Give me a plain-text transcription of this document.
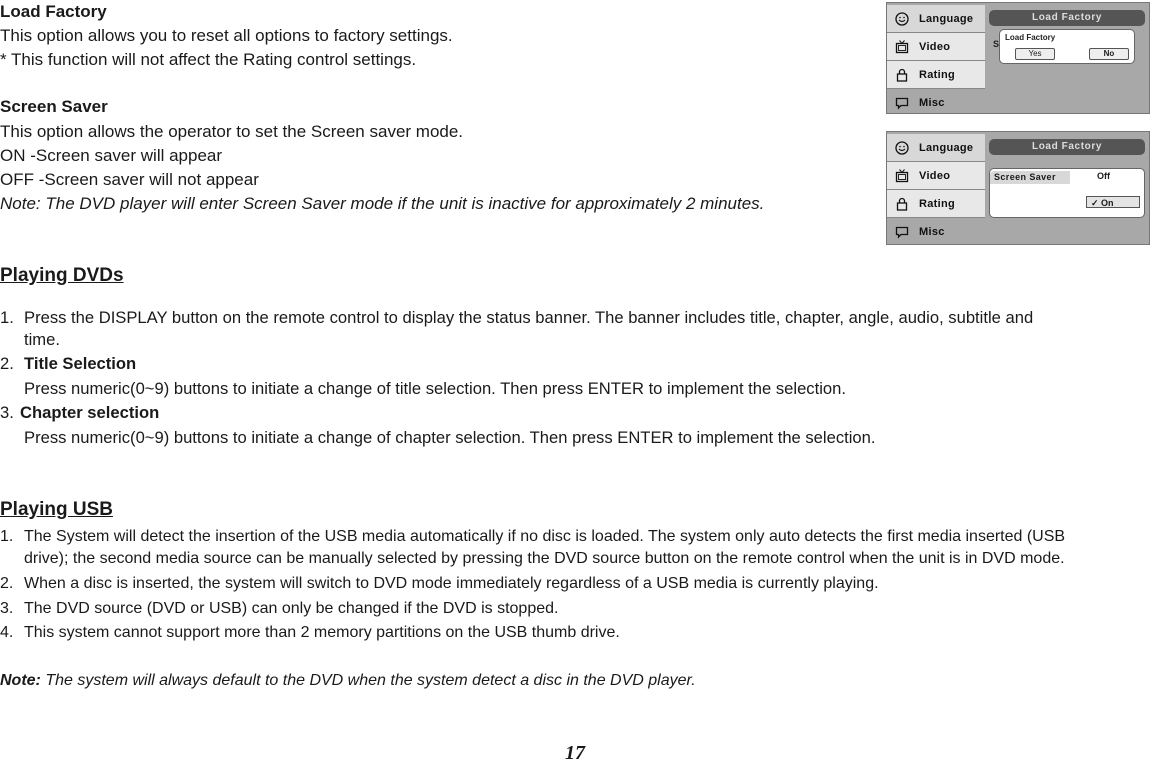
Load Factory
This option allows you to reset all options to factory settings.
* This function will not affect the Rating control settings.
Screen Saver
This option allows the operator to set the Screen saver mode.
ON -Screen saver will appear
OFF -Screen saver will not appear
Note: The DVD player will enter Screen Saver mode if the unit is inactive for approximately 2 minutes.
Playing DVDs
1. Press the DISPLAY button on the remote control to display the status banner. The banner includes title, chapter, angle, audio, subtitle and
time.
2. Title Selection
Press numeric(0~9) buttons to initiate a change of title selection. Then press ENTER to implement the selection.
3. Chapter selection
Press numeric(0~9) buttons to initiate a change of chapter selection. Then press ENTER to implement the selection.
Playing USB
1. The System will detect the insertion of the USB media automatically if no disc is loaded. The system only auto detects the first media inserted (USB
drive); the second media source can be manually selected by pressing the DVD source button on the remote control when the unit is in DVD mode.
2. When a disc is inserted, the system will switch to DVD mode immediately regardless of a USB media is currently playing.
3. The DVD source (DVD or USB) can only be changed if the DVD is stopped.
4. This system cannot support more than 2 memory partitions on the USB thumb drive.
Note: The system will always default to the DVD when the system detect a disc in the DVD player.
17
Language
Video
Rating
Misc
Load Factory
S
Load Factory
Yes	No
Language
Video
Rating
Misc
Load Factory
Screen Saver	Off
✓ On
